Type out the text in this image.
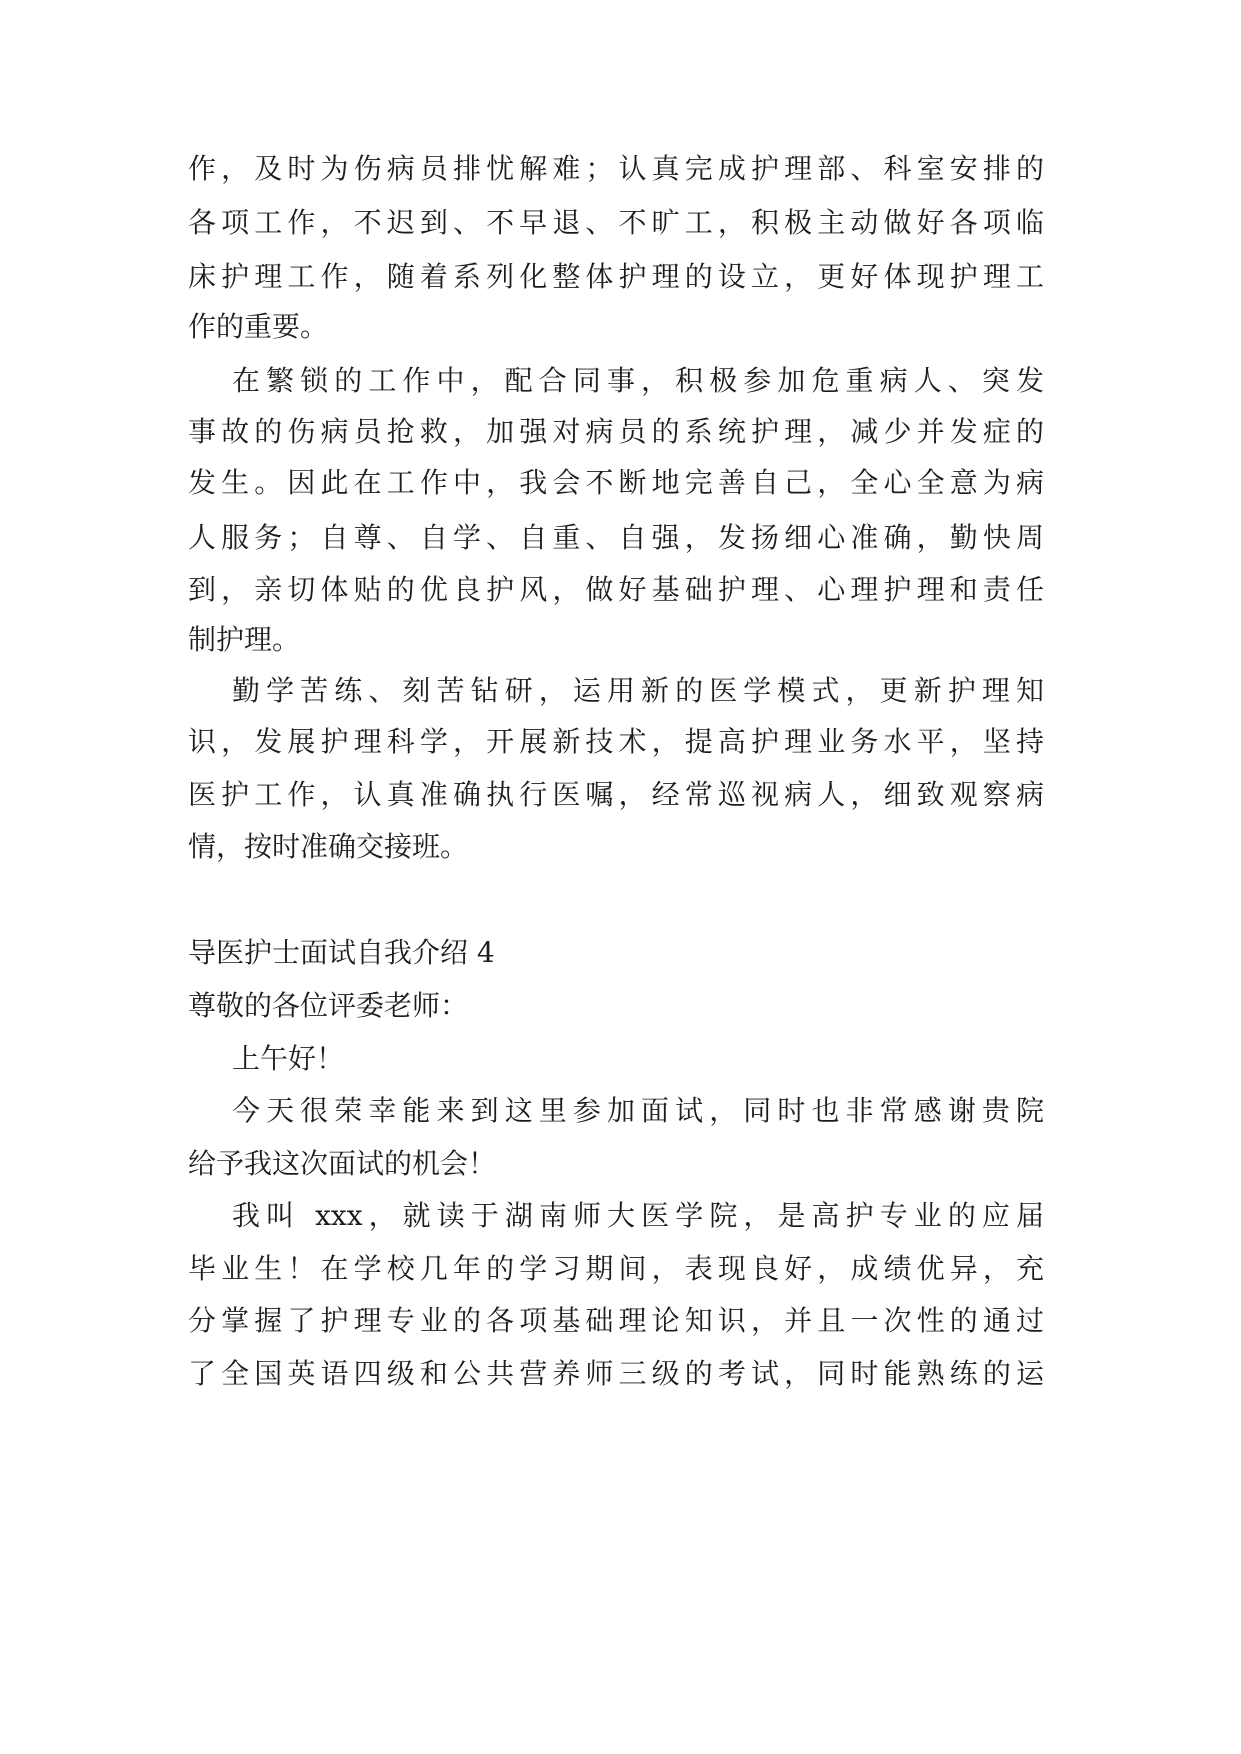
作，及时为伤病员排忧解难；认真完成护理部、科室安排的

各项工作，不迟到、不早退、不旷工，积极主动做好各项临

床护理工作，随着系列化整体护理的设立，更好体现护理工

作的重要。

在繁锁的工作中，配合同事，积极参加危重病人、突发

事故的伤病员抢救，加强对病员的系统护理，减少并发症的

发生。因此在工作中，我会不断地完善自己，全心全意为病

人服务；自尊、自学、自重、自强，发扬细心准确，勤快周

到，亲切体贴的优良护风，做好基础护理、心理护理和责任

制护理。

勤学苦练、刻苦钻研，运用新的医学模式，更新护理知

识，发展护理科学，开展新技术，提高护理业务水平，坚持

医护工作，认真准确执行医嘱，经常巡视病人，细致观察病

情，按时准确交接班。

导医护士面试自我介绍 4

尊敬的各位评委老师：

上午好！

今天很荣幸能来到这里参加面试，同时也非常感谢贵院

给予我这次面试的机会！

我叫 xxx，就读于湖南师大医学院，是高护专业的应届

毕业生！在学校几年的学习期间，表现良好，成绩优异，充

分掌握了护理专业的各项基础理论知识，并且一次性的通过

了全国英语四级和公共营养师三级的考试，同时能熟练的运
